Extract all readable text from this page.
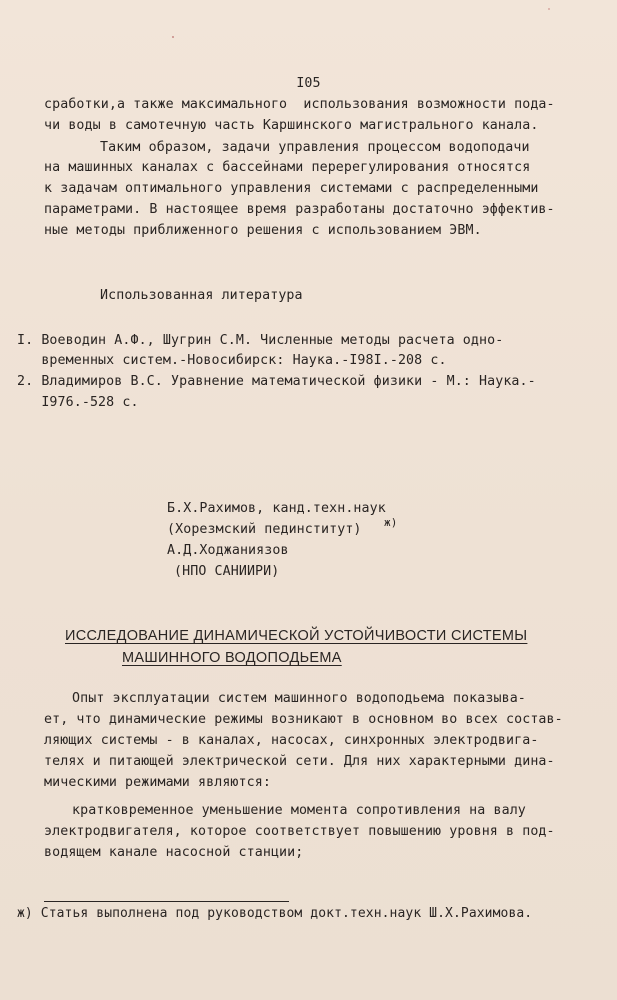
I05
сработки,а также максимального  использования возможности пода-
чи воды в самотечную часть Каршинского магистрального канала.
Таким образом, задачи управления процессом водоподачи
на машинных каналах с бассейнами перерегулирования относятся
к задачам оптимального управления системами с распределенными
параметрами. В настоящее время разработаны достаточно эффектив-
ные методы приближенного решения с использованием ЭВМ.
Использованная литература
I. Воеводин А.Ф., Шугрин С.М. Численные методы расчета одно-
временных систем.-Новосибирск: Наука.-I98I.-208 с.
2. Владимиров В.С. Уравнение математической физики - М.: Наука.-
I976.-528 с.
Б.Х.Рахимов, канд.техн.наук
(Хорезмский пединститут) ж)
А.Д.Ходжаниязов
(НПО САНИИРИ)
ИССЛЕДОВАНИЕ ДИНАМИЧЕСКОЙ УСТОЙЧИВОСТИ СИСТЕМЫ
МАШИННОГО ВОДОПОДЬЕМА
Опыт эксплуатации систем машинного водоподьема показыва-
ет, что динамические режимы возникают в основном во всех состав-
ляющих системы - в каналах, насосах, синхронных электродвига-
телях и питающей электрической сети. Для них характерными дина-
мическими режимами являются:
кратковременное уменьшение момента сопротивления на валу
электродвигателя, которое соответствует повышению уровня в под-
водящем канале насосной станции;
ж) Статья выполнена под руководством докт.техн.наук Ш.Х.Рахимова.
